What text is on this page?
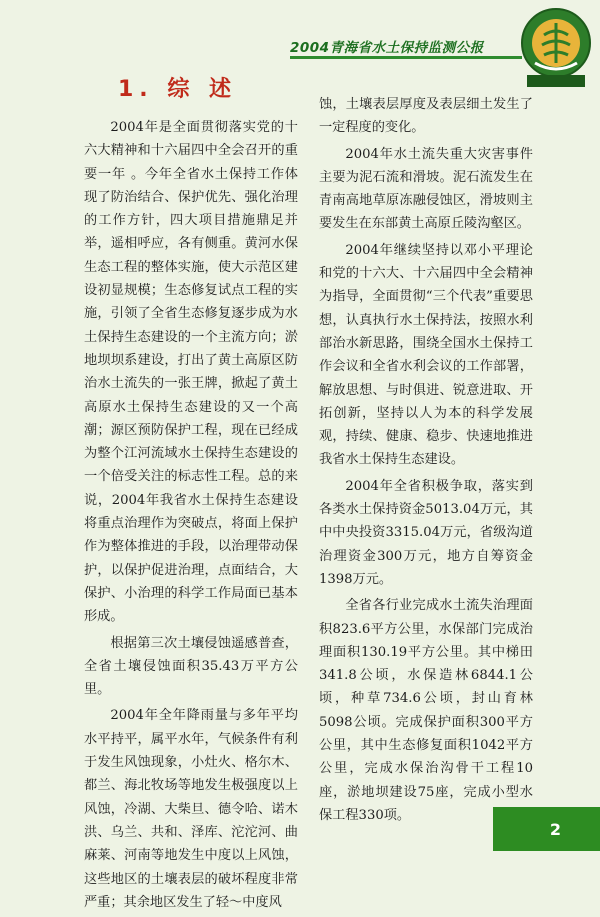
2004青海省水土保持监测公报
1. 综 述

2004年是全面贯彻落实党的十六大精神和十六届四中全会召开的重要一年 。今年全省水土保持工作体现了防治结合、保护优先、强化治理的工作方针，四大项目措施鼎足并举，遥相呼应，各有侧重。黄河水保生态工程的整体实施，使大示范区建设初显规模；生态修复试点工程的实施，引领了全省生态修复逐步成为水土保持生态建设的一个主流方向；淤地坝坝系建设，打出了黄土高原区防治水土流失的一张王牌，掀起了黄土高原水土保持生态建设的又一个高潮；源区预防保护工程，现在已经成为整个江河流域水土保持生态建设的一个倍受关注的标志性工程。总的来说，2004年我省水土保持生态建设将重点治理作为突破点，将面上保护作为整体推进的手段，以治理带动保护，以保护促进治理，点面结合，大保护、小治理的科学工作局面已基本形成。

根据第三次土壤侵蚀遥感普查，全省土壤侵蚀面积35.43万平方公里。

2004年全年降雨量与多年平均水平持平，属平水年，气候条件有利于发生风蚀现象，小灶火、格尔木、都兰、海北牧场等地发生极强度以上风蚀，冷湖、大柴旦、德令哈、诺木洪、乌兰、共和、泽库、沱沱河、曲麻莱、河南等地发生中度以上风蚀，这些地区的土壤表层的破坏程度非常严重；其余地区发生了轻～中度风

蚀，土壤表层厚度及表层细土发生了一定程度的变化。

2004年水土流失重大灾害事件主要为泥石流和滑坡。泥石流发生在青南高地草原冻融侵蚀区，滑坡则主要发生在东部黄土高原丘陵沟壑区。

2004年继续坚持以邓小平理论和党的十六大、十六届四中全会精神为指导，全面贯彻“三个代表”重要思想，认真执行水土保持法，按照水利部治水新思路，围绕全国水土保持工作会议和全省水利会议的工作部署，解放思想、与时俱进、锐意进取、开拓创新，坚持以人为本的科学发展观，持续、健康、稳步、快速地推进我省水土保持生态建设。

2004年全省积极争取，落实到各类水土保持资金5013.04万元，其中中央投资3315.04万元，省级沟道治理资金300万元，地方自筹资金1398万元。

全省各行业完成水土流失治理面积823.6平方公里，水保部门完成治理面积130.19平方公里。其中梯田341.8公顷，水保造林6844.1公顷，种草734.6公顷，封山育林5098公顷。完成保护面积300平方公里，其中生态修复面积1042平方公里，完成水保治沟骨干工程10座，淤地坝建设75座，完成小型水保工程330项。

2
